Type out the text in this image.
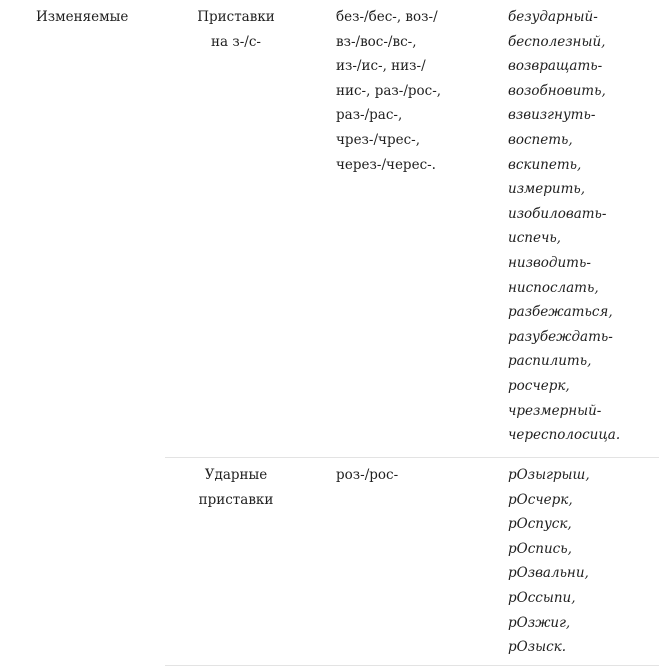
Изменяемые	Приставки
на з-/с-
без-/бес-, воз-/
вз-/вос-/вс-,
из-/ис-, низ-/
нис-, раз-/рос-,
раз-/рас-,
чрез-/чрес-,
через-/черес-.
безударный-
бесполезный,
возвращать-
возобновить,
взвизгнуть-
воспеть,
вскипеть,
измерить,
изобиловать-
испечь,
низводить-
ниспослать,
разбежаться,
разубеждать-
распилить,
росчерк,
чрезмерный-
чересполосица.
Ударные
приставки
роз-/рос-	рОзыгрыш,
рОсчерк,
рОспуск,
рОспись,
рОзвальни,
рОссыпи,
рОзжиг,
рОзыск.
